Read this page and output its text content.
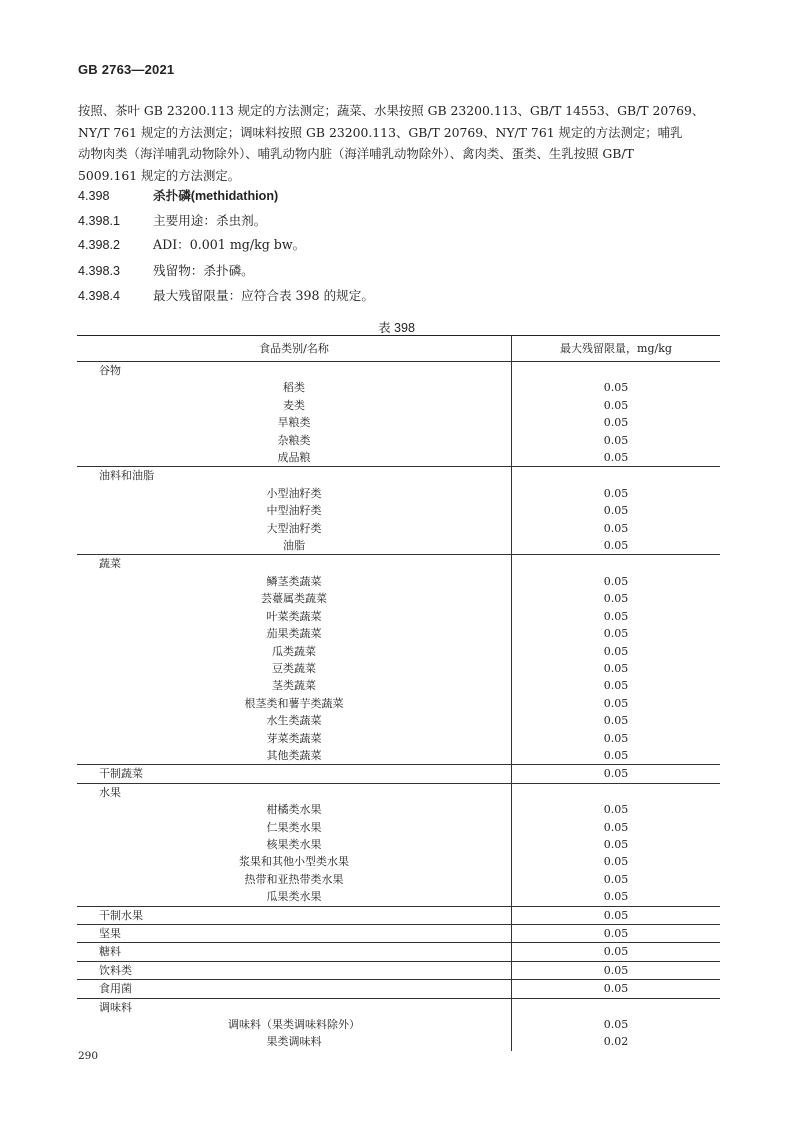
GB 2763—2021

按照、茶叶 GB 23200.113 规定的方法测定；蔬菜、水果按照 GB 23200.113、GB/T 14553、GB/T 20769、

NY/T 761 规定的方法测定；调味料按照 GB 23200.113、GB/T 20769、NY/T 761 规定的方法测定；哺乳

动物肉类（海洋哺乳动物除外）、哺乳动物内脏（海洋哺乳动物除外）、禽肉类、蛋类、生乳按照 GB/T

5009.161 规定的方法测定。

4.398	杀扑磷(methidathion)
4.398.1	主要用途：杀虫剂。
4.398.2	ADI：0.001 mg/kg bw。
4.398.3	残留物：杀扑磷。
4.398.4	最大残留限量：应符合表 398 的规定。
表 398
食品类别/名称	最大残留限量，mg/kg
谷物	
稻类	0.05
麦类	0.05
旱粮类	0.05
杂粮类	0.05
成品粮	0.05
油料和油脂	
小型油籽类	0.05
中型油籽类	0.05
大型油籽类	0.05
油脂	0.05
蔬菜	
鳞茎类蔬菜	0.05
芸薹属类蔬菜	0.05
叶菜类蔬菜	0.05
茄果类蔬菜	0.05
瓜类蔬菜	0.05
豆类蔬菜	0.05
茎类蔬菜	0.05
根茎类和薯芋类蔬菜	0.05
水生类蔬菜	0.05
芽菜类蔬菜	0.05
其他类蔬菜	0.05
干制蔬菜	0.05
水果	
柑橘类水果	0.05
仁果类水果	0.05
核果类水果	0.05
浆果和其他小型类水果	0.05
热带和亚热带类水果	0.05
瓜果类水果	0.05
干制水果	0.05
坚果	0.05
糖料	0.05
饮料类	0.05
食用菌	0.05
调味料	
调味料（果类调味料除外）	0.05
果类调味料	0.02
290
